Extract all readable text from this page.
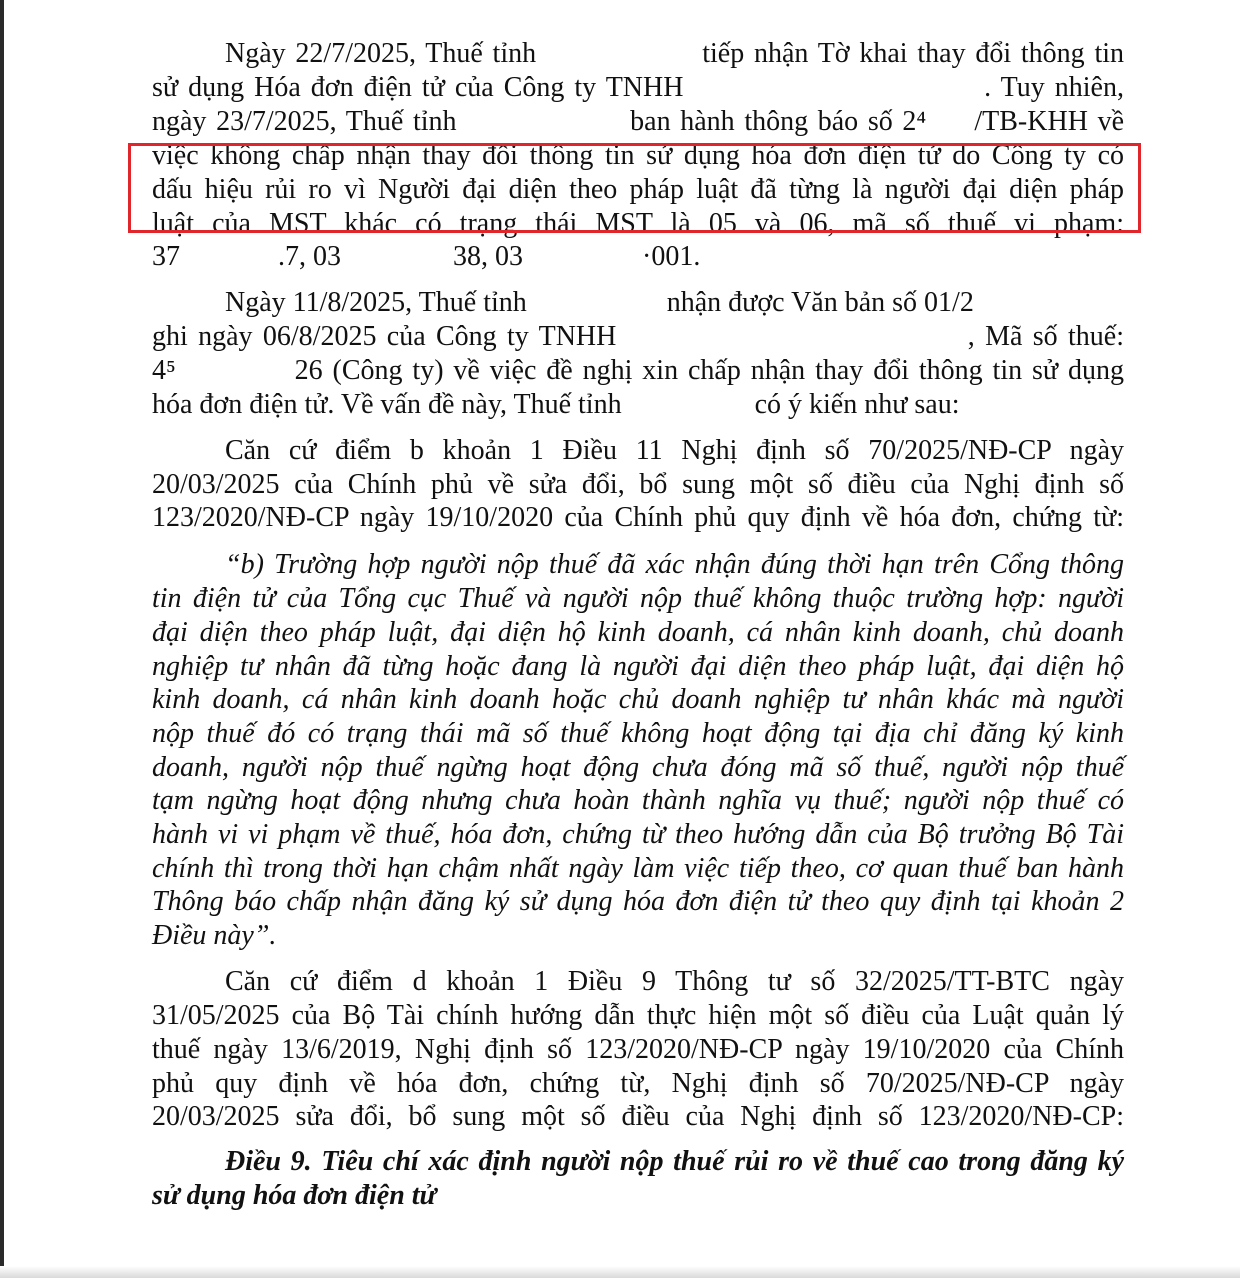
Ngày 22/7/2025, Thuế tỉnh                 tiếp nhận Tờ khai thay đổi thông tin
sử dụng Hóa đơn điện tử của Công ty TNHH                              . Tuy nhiên,
ngày 23/7/2025, Thuế tỉnh                  ban hành thông báo số 2⁴     /TB-KHH về
việc không chấp nhận thay đổi thông tin sử dụng hóa đơn điện tử do Công ty có
dấu hiệu rủi ro vì Người đại diện theo pháp luật đã từng là người đại diện pháp
luật của MST khác có trạng thái MST là 05 và 06, mã số thuế vi phạm:
37              .7, 03                38, 03                 ·001.
Ngày 11/8/2025, Thuế tỉnh                    nhận được Văn bản số 01/2
ghi ngày 06/8/2025 của Công ty TNHH                                  , Mã số thuế:
4⁵            26 (Công ty) về việc đề nghị xin chấp nhận thay đổi thông tin sử dụng
hóa đơn điện tử. Về vấn đề này, Thuế tỉnh                   có ý kiến như sau:
Căn cứ điểm b khoản 1 Điều 11 Nghị định số 70/2025/NĐ-CP ngày
20/03/2025 của Chính phủ về sửa đổi, bổ sung một số điều của Nghị định số
123/2020/NĐ-CP ngày 19/10/2020 của Chính phủ quy định về hóa đơn, chứng từ:
“b) Trường hợp người nộp thuế đã xác nhận đúng thời hạn trên Cổng thông
tin điện tử của Tổng cục Thuế và người nộp thuế không thuộc trường hợp: người
đại diện theo pháp luật, đại diện hộ kinh doanh, cá nhân kinh doanh, chủ doanh
nghiệp tư nhân đã từng hoặc đang là người đại diện theo pháp luật, đại diện hộ
kinh doanh, cá nhân kinh doanh hoặc chủ doanh nghiệp tư nhân khác mà người
nộp thuế đó có trạng thái mã số thuế không hoạt động tại địa chỉ đăng ký kinh
doanh, người nộp thuế ngừng hoạt động chưa đóng mã số thuế, người nộp thuế
tạm ngừng hoạt động nhưng chưa hoàn thành nghĩa vụ thuế; người nộp thuế có
hành vi vi phạm về thuế, hóa đơn, chứng từ theo hướng dẫn của Bộ trưởng Bộ Tài
chính thì trong thời hạn chậm nhất ngày làm việc tiếp theo, cơ quan thuế ban hành
Thông báo chấp nhận đăng ký sử dụng hóa đơn điện tử theo quy định tại khoản 2
Điều này”.
Căn cứ điểm d khoản 1 Điều 9 Thông tư số 32/2025/TT-BTC ngày
31/05/2025 của Bộ Tài chính hướng dẫn thực hiện một số điều của Luật quản lý
thuế ngày 13/6/2019, Nghị định số 123/2020/NĐ-CP ngày 19/10/2020 của Chính
phủ quy định về hóa đơn, chứng từ, Nghị định số 70/2025/NĐ-CP ngày
20/03/2025 sửa đổi, bổ sung một số điều của Nghị định số 123/2020/NĐ-CP:
Điều 9. Tiêu chí xác định người nộp thuế rủi ro về thuế cao trong đăng ký
sử dụng hóa đơn điện tử
